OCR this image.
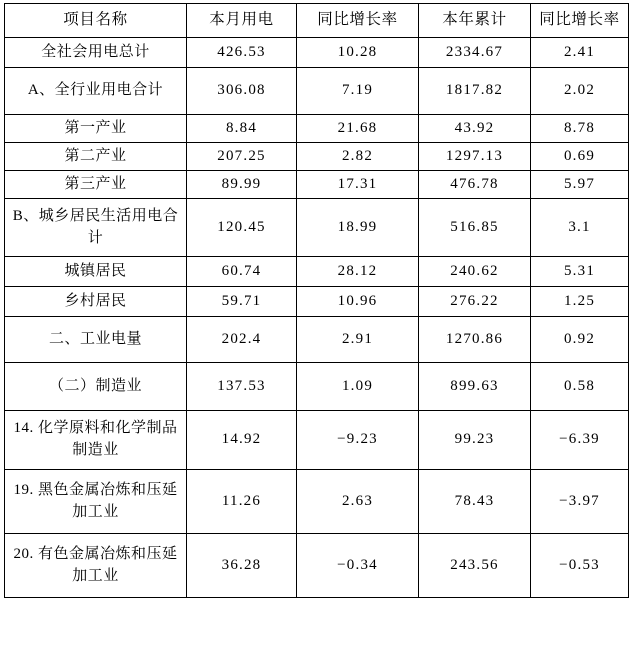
项目名称	本月用电	同比增长率	本年累计	同比增长率
全社会用电总计	426.53	10.28	2334.67	2.41
A、全行业用电合计	306.08	7.19	1817.82	2.02
第一产业	8.84	21.68	43.92	8.78
第二产业	207.25	2.82	1297.13	0.69
第三产业	89.99	17.31	476.78	5.97
B、城乡居民生活用电合计	120.45	18.99	516.85	3.1
城镇居民	60.74	28.12	240.62	5.31
乡村居民	59.71	10.96	276.22	1.25
二、工业电量	202.4	2.91	1270.86	0.92
（二）制造业	137.53	1.09	899.63	0.58
14. 化学原料和化学制品制造业	14.92	−9.23	99.23	−6.39
19. 黑色金属冶炼和压延加工业	11.26	2.63	78.43	−3.97
20. 有色金属冶炼和压延加工业	36.28	−0.34	243.56	−0.53
